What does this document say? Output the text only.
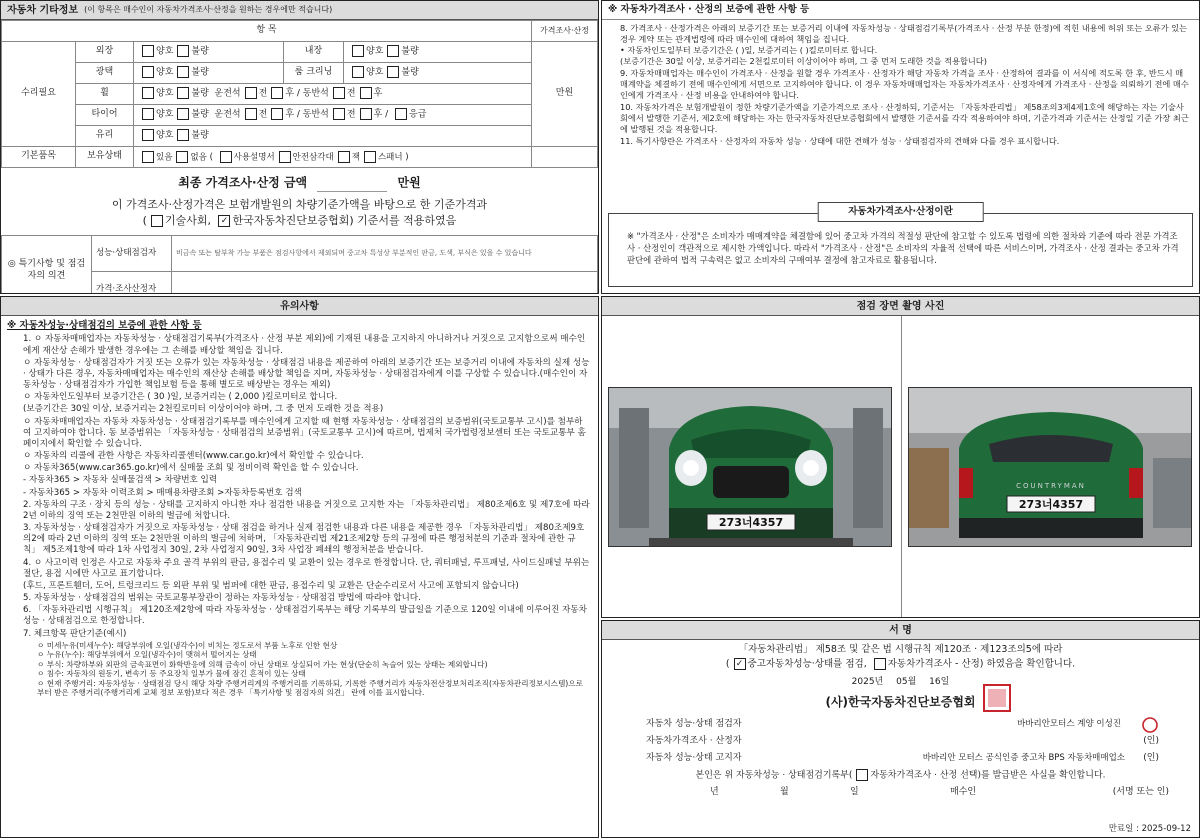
자동차 기타정보 (이 항목은 매수인이 자동차가격조사·산정을 원하는 경우에만 적습니다)
항 목					가격조사·산정
수리필요	외장	양호 불량	내장	양호 불량	만원
	광택	양호 불량	룸 크리닝	양호 불량	
	휠	양호 불량 운전석 전 후 / 동반석 전 후			
	타이어	양호 불량 운전석 전 후 / 동반석 전 후 / 응급			
	유리	양호 불량			
기본품목	보유상태	있음 없음 ( 사용설명서 안전삼각대 잭 스패너 )			
최종 가격조사·산정 금액	만원
이 가격조사·산정가격은 보험개발원의 차량기준가액을 바탕으로 한 기준가격과
( 기술사회, ✓ 한국자동차진단보증협회) 기준서를 적용하였음
◎ 특기사항 및 점검자의 의견	성능·상태점검자	비금속 또는 탈부착 가능 부품은 점검사항에서 제외되며 중고차 특성상 부분적인 판금, 도색, 부식은 있을 수 있습니다
	가격·조사산정자	
※ 자동차가격조사 · 산정의 보증에 관한 사항 등
8. 가격조사 · 산정가격은 아래의 보증기간 또는 보증거리 이내에 자동차성능 · 상태점검기록부(가격조사 · 산정 부분 한정)에 적힌 내용에 허위 또는 오류가 있는 경우 계약 또는 관계법령에 따라 매수인에 대하여 책임을 집니다.
• 자동차인도일부터 보증기간은 ( )일, 보증거리는 ( )킬로미터로 합니다.
(보증기간은 30일 이상, 보증거리는 2천킬로미터 이상이어야 하며, 그 중 먼저 도래한 것을 적용합니다)
9. 자동차매매업자는 매수인이 가격조사 · 산정을 원할 경우 가격조사 · 산정자가 해당 자동차 가격을 조사 · 산정하여 결과를 이 서식에 적도록 한 후, 반드시 매매계약을 체결하기 전에 매수인에게 서면으로 고지하여야 합니다. 이 경우 자동차매매업자는 자동차가격조사 · 산정자에게 가격조사 · 산정을 의뢰하기 전에 매수인에게 가격조사 · 산정 비용을 안내하여야 합니다.
10. 자동차가격은 보험개발원이 정한 차량기준가액을 기준가격으로 조사 · 산정하되, 기준서는 「자동차관리법」 제58조의3제4제1호에 해당하는 자는 기술사회에서 발행한 기준서, 제2호에 해당하는 자는 한국자동차진단보증협회에서 발행한 기준서를 각각 적용하여야 하며, 기준가격과 기준서는 산정일 기준 가장 최근에 발행된 것을 적용합니다.
11. 특기사항란은 가격조사 · 산정자의 자동차 성능 · 상태에 대한 견해가 성능 · 상태점검자의 견해와 다를 경우 표시합니다.
자동차가격조사·산정이란
※ "가격조사 · 산정"은 소비자가 매매계약을 체결함에 있어 중고차 가격의 적절성 판단에 참고할 수 있도록 법령에 의한 절차와 기준에 따라 전문 가격조사 · 산정인이 객관적으로 제시한 가액입니다. 따라서 "가격조사 · 산정"은 소비자의 자율적 선택에 따른 서비스이며, 가격조사 · 산정 결과는 중고차 가격판단에 관하여 법적 구속력은 없고 소비자의 구매여부 결정에 참고자료로 활용됩니다.
유의사항
※ 자동차성능·상태점검의 보증에 관한 사항 등
1. ㅇ 자동차매매업자는 자동차성능 · 상태점검기록부(가격조사 · 산정 부분 제외)에 기재된 내용을 고지하지 아니하거나 거짓으로 고지함으로써 매수인에게 재산상 손해가 발생한 경우에는 그 손해를 배상할 책임을 집니다.
ㅇ 자동차성능 · 상태점검자가 거짓 또는 오류가 있는 자동차성능 · 상태점검 내용을 제공하여 아래의 보증기간 또는 보증거리 이내에 자동차의 실제 성능 · 상태가 다른 경우, 자동차매매업자는 매수인의 재산상 손해를 배상할 책임을 지며, 자동차성능 · 상태점검자에게 이를 구상할 수 있습니다.(매수인이 자동차성능 · 상태점검자가 가입한 책임보험 등을 통해 별도로 배상받는 경우는 제외)
ㅇ 자동차인도일부터 보증기간은 ( 30 )일, 보증거리는 ( 2,000 )킬로미터로 합니다.
(보증기간은 30일 이상, 보증거리는 2천킬로미터 이상이어야 하며, 그 중 먼저 도래한 것을 적용)
ㅇ 자동차매매업자는 자동차 자동차성능 · 상태점검기록부를 매수인에게 고지할 때 현행 자동차성능 · 상태점검의 보증범위(국토교통부 고시)를 첨부하여 고지하여야 합니다. 동 보증범위는 「자동차성능 · 상태점검의 보증범위」(국토교통부 고시)에 따르며, 법제처 국가법령정보센터 또는 국토교통부 홈페이지에서 확인할 수 있습니다.
ㅇ 자동차의 리콜에 관한 사항은 자동차리콜센터(www.car.go.kr)에서 확인할 수 있습니다.
ㅇ 자동차365(www.car365.go.kr)에서 실매물 조회 및 정비이력 확인을 할 수 있습니다.
- 자동차365 > 자동차 실매물검색 > 차량번호 입력
- 자동차365 > 자동차 이력조회 > 매매용차량조회 >자동차등록번호 검색
2. 자동차의 구조 · 장치 등의 성능 · 상태를 고지하지 아니한 자나 점검한 내용을 거짓으로 고지한 자는 「자동차관리법」 제80조제6호 및 제7호에 따라 2년 이하의 징역 또는 2천만원 이하의 벌금에 처합니다.
3. 자동차성능 · 상태점검자가 거짓으로 자동차성능 · 상태 점검을 하거나 실제 점검한 내용과 다른 내용을 제공한 경우 「자동차관리법」 제80조제9호의2에 따라 2년 이하의 징역 또는 2천만원 이하의 벌금에 처하며, 「자동차관리법 제21조제2항 등의 규정에 따른 행정처분의 기준과 절차에 관한 규칙」 제5조제1항에 따라 1차 사업정지 30일, 2차 사업정지 90일, 3차 사업장 폐쇄의 행정처분을 받습니다.
4. ㅇ 사고이력 인정은 사고로 자동차 주요 골격 부위의 판금, 용접수리 및 교환이 있는 경우로 한정합니다. 단, 쿼터패널, 루프패널, 사이드실패널 부위는 절단, 용접 시에만 사고로 표기합니다.
(후드, 프론트휀더, 도어, 트렁크리드 등 외판 부위 및 범퍼에 대한 판금, 용접수리 및 교환은 단순수리로서 사고에 포함되지 않습니다)
5. 자동차성능 · 상태점검의 범위는 국토교통부장관이 정하는 자동차성능 · 상태점검 방법에 따라야 합니다.
6. 「자동차관리법 시행규칙」 제120조제2항에 따라 자동차성능 · 상태점검기록부는 해당 기록부의 발급일을 기준으로 120일 이내에 이루어진 자동차 성능 · 상태점검으로 한정합니다.
7. 체크항목 판단기준(예시)
ㅇ 미세누유(미세누수): 해당부위에 오일(냉각수)이 비치는 정도로서 부품 노후로 인한 현상
ㅇ 누유(누수): 해당부위에서 오일(냉각수)이 맺혀서 떨어지는 상태
ㅇ 부식: 차량하부와 외판의 금속표면이 화학반응에 의해 금속이 아닌 상태로 상실되어 가는 현상(단순히 녹슬어 있는 상태는 제외합니다)
ㅇ 침수: 자동차의 원동기, 변속기 등 주요장치 일부가 물에 잠긴 흔적이 있는 상태
ㅇ 현재 주행거리: 자동차성능 · 상태점검 당시 해당 차량 주행거리계의 주행거리를 기록하되, 기록한 주행거리가 자동차전산정보처리조직(자동차관리정보시스템)으로부터 받은 주행거리(주행거리계 교체 정보 포함)보다 적은 경우 「특기사항 및 점검자의 의견」 란에 이를 표시합니다.
점검 장면 촬영 사진
273너4357
COUNTRYMAN
273너4357
서 명
「자동차관리법」 제58조 및 같은 법 시행규칙 제120조 · 제123조의5에 따라
( ✓ 중고자동차성능·상태를 점검, 자동차가격조사 - 산정) 하였음을 확인합니다.
2025년 05월 16일
(사)한국자동차진단보증협회
자동차 성능·상태 점검자	바바리안모터스 계양 이성진
자동차가격조사 · 산정자	(인)
자동차 성능·상태 고지자	바바리안 모터스 공식인증 중고차 BPS 자동차매매업소	(인)
본인은 위 자동차성능 · 상태점검기록부( 자동차가격조사 · 산정 선택)를 발급받은 사실을 확인합니다.
년	월	일	매수인	(서명 또는 인)
만료일 : 2025-09-12
